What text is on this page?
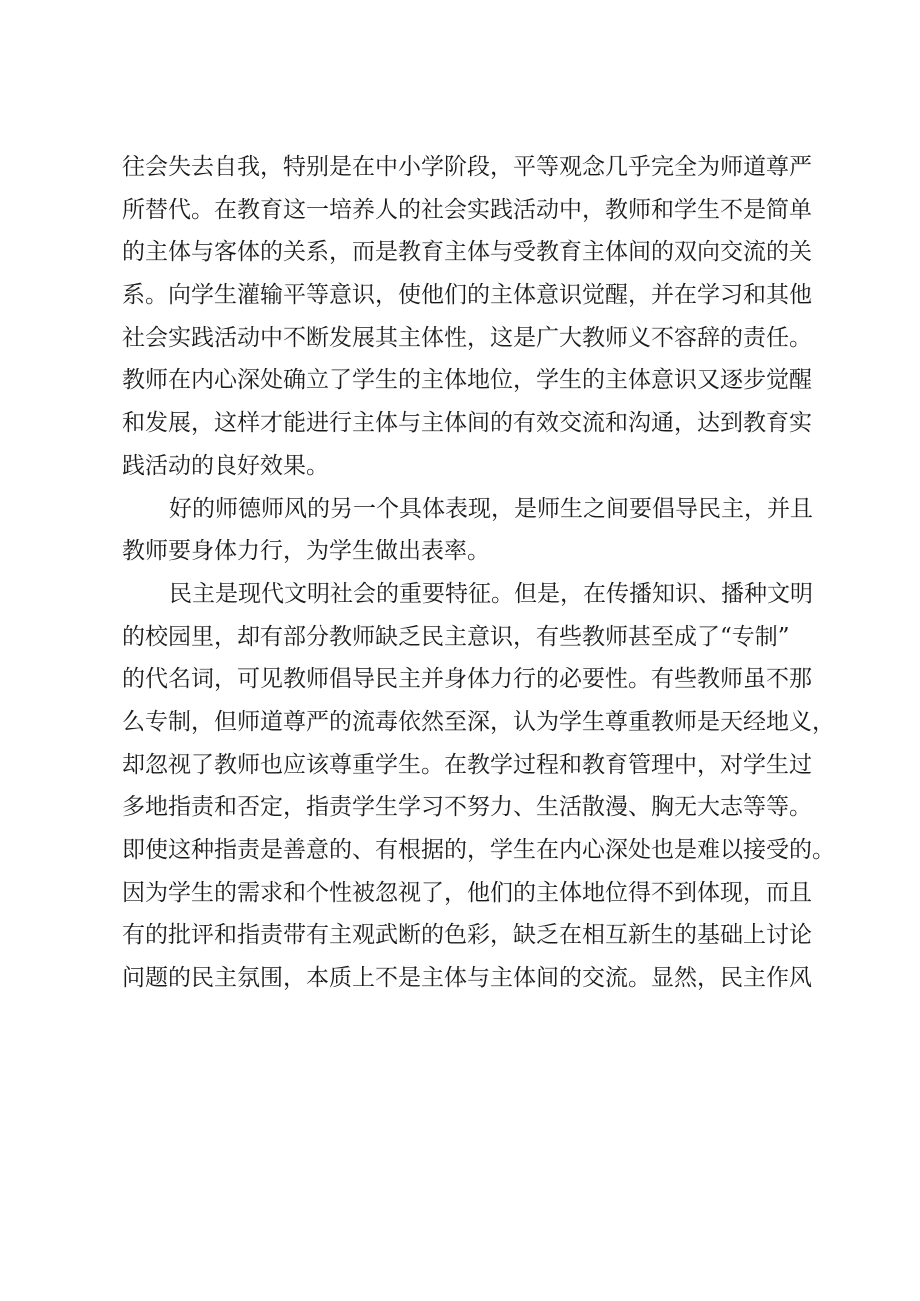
往会失去自我，特别是在中小学阶段，平等观念几乎完全为师道尊严
所替代。在教育这一培养人的社会实践活动中，教师和学生不是简单
的主体与客体的关系，而是教育主体与受教育主体间的双向交流的关
系。向学生灌输平等意识，使他们的主体意识觉醒，并在学习和其他
社会实践活动中不断发展其主体性，这是广大教师义不容辞的责任。
教师在内心深处确立了学生的主体地位，学生的主体意识又逐步觉醒
和发展，这样才能进行主体与主体间的有效交流和沟通，达到教育实
践活动的良好效果。
好的师德师风的另一个具体表现，是师生之间要倡导民主，并且
教师要身体力行，为学生做出表率。
民主是现代文明社会的重要特征。但是，在传播知识、播种文明
的校园里，却有部分教师缺乏民主意识，有些教师甚至成了“专制”
的代名词，可见教师倡导民主并身体力行的必要性。有些教师虽不那
么专制，但师道尊严的流毒依然至深，认为学生尊重教师是天经地义，
却忽视了教师也应该尊重学生。在教学过程和教育管理中，对学生过
多地指责和否定，指责学生学习不努力、生活散漫、胸无大志等等。
即使这种指责是善意的、有根据的，学生在内心深处也是难以接受的。
因为学生的需求和个性被忽视了，他们的主体地位得不到体现，而且
有的批评和指责带有主观武断的色彩，缺乏在相互新生的基础上讨论
问题的民主氛围，本质上不是主体与主体间的交流。显然，民主作风
